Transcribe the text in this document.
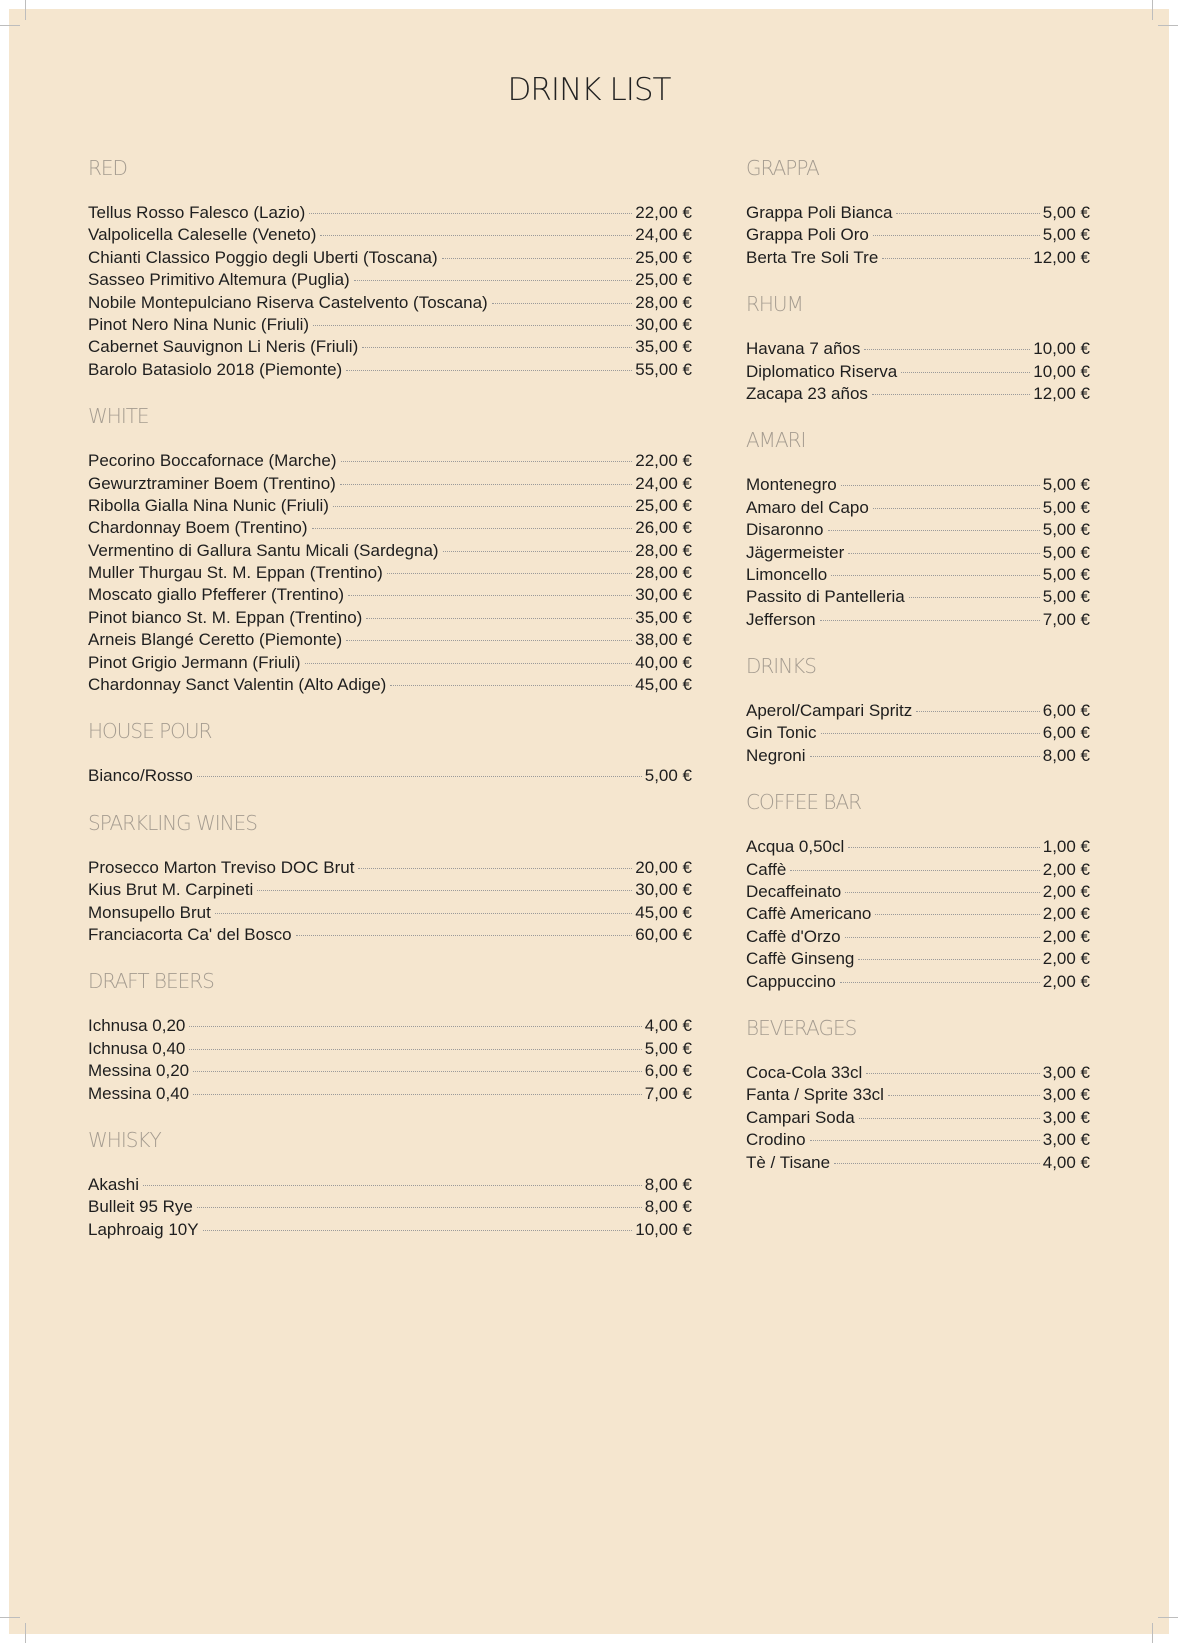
DRINK LIST
RED
Tellus Rosso Falesco (Lazio)	22,00 €
Valpolicella Caleselle (Veneto)	24,00 €
Chianti Classico Poggio degli Uberti (Toscana)	25,00 €
Sasseo Primitivo Altemura (Puglia)	25,00 €
Nobile Montepulciano Riserva Castelvento (Toscana)	28,00 €
Pinot Nero Nina Nunic (Friuli)	30,00 €
Cabernet Sauvignon Li Neris (Friuli)	35,00 €
Barolo Batasiolo 2018 (Piemonte)	55,00 €
WHITE
Pecorino Boccafornace (Marche)	22,00 €
Gewurztraminer Boem (Trentino)	24,00 €
Ribolla Gialla Nina Nunic (Friuli)	25,00 €
Chardonnay Boem (Trentino)	26,00 €
Vermentino di Gallura Santu Micali (Sardegna)	28,00 €
Muller Thurgau St. M. Eppan (Trentino)	28,00 €
Moscato giallo Pfefferer (Trentino)	30,00 €
Pinot bianco St. M. Eppan (Trentino)	35,00 €
Arneis Blangé Ceretto (Piemonte)	38,00 €
Pinot Grigio Jermann (Friuli)	40,00 €
Chardonnay Sanct Valentin (Alto Adige)	45,00 €
HOUSE POUR
Bianco/Rosso	5,00 €
SPARKLING WINES
Prosecco Marton Treviso DOC Brut	20,00 €
Kius Brut M. Carpineti	30,00 €
Monsupello Brut	45,00 €
Franciacorta Ca' del Bosco	60,00 €
DRAFT BEERS
Ichnusa 0,20	4,00 €
Ichnusa 0,40	5,00 €
Messina 0,20	6,00 €
Messina 0,40	7,00 €
WHISKY
Akashi	8,00 €
Bulleit 95 Rye	8,00 €
Laphroaig 10Y	10,00 €
GRAPPA
Grappa Poli Bianca	5,00 €
Grappa Poli Oro	5,00 €
Berta Tre Soli Tre	12,00 €
RHUM
Havana 7 años	10,00 €
Diplomatico Riserva	10,00 €
Zacapa 23 años	12,00 €
AMARI
Montenegro	5,00 €
Amaro del Capo	5,00 €
Disaronno	5,00 €
Jägermeister	5,00 €
Limoncello	5,00 €
Passito di Pantelleria	5,00 €
Jefferson	7,00 €
DRINKS
Aperol/Campari Spritz	6,00 €
Gin Tonic	6,00 €
Negroni	8,00 €
COFFEE BAR
Acqua 0,50cl	1,00 €
Caffè	2,00 €
Decaffeinato	2,00 €
Caffè Americano	2,00 €
Caffè d'Orzo	2,00 €
Caffè Ginseng	2,00 €
Cappuccino	2,00 €
BEVERAGES
Coca-Cola 33cl	3,00 €
Fanta / Sprite 33cl	3,00 €
Campari Soda	3,00 €
Crodino	3,00 €
Tè / Tisane	4,00 €
